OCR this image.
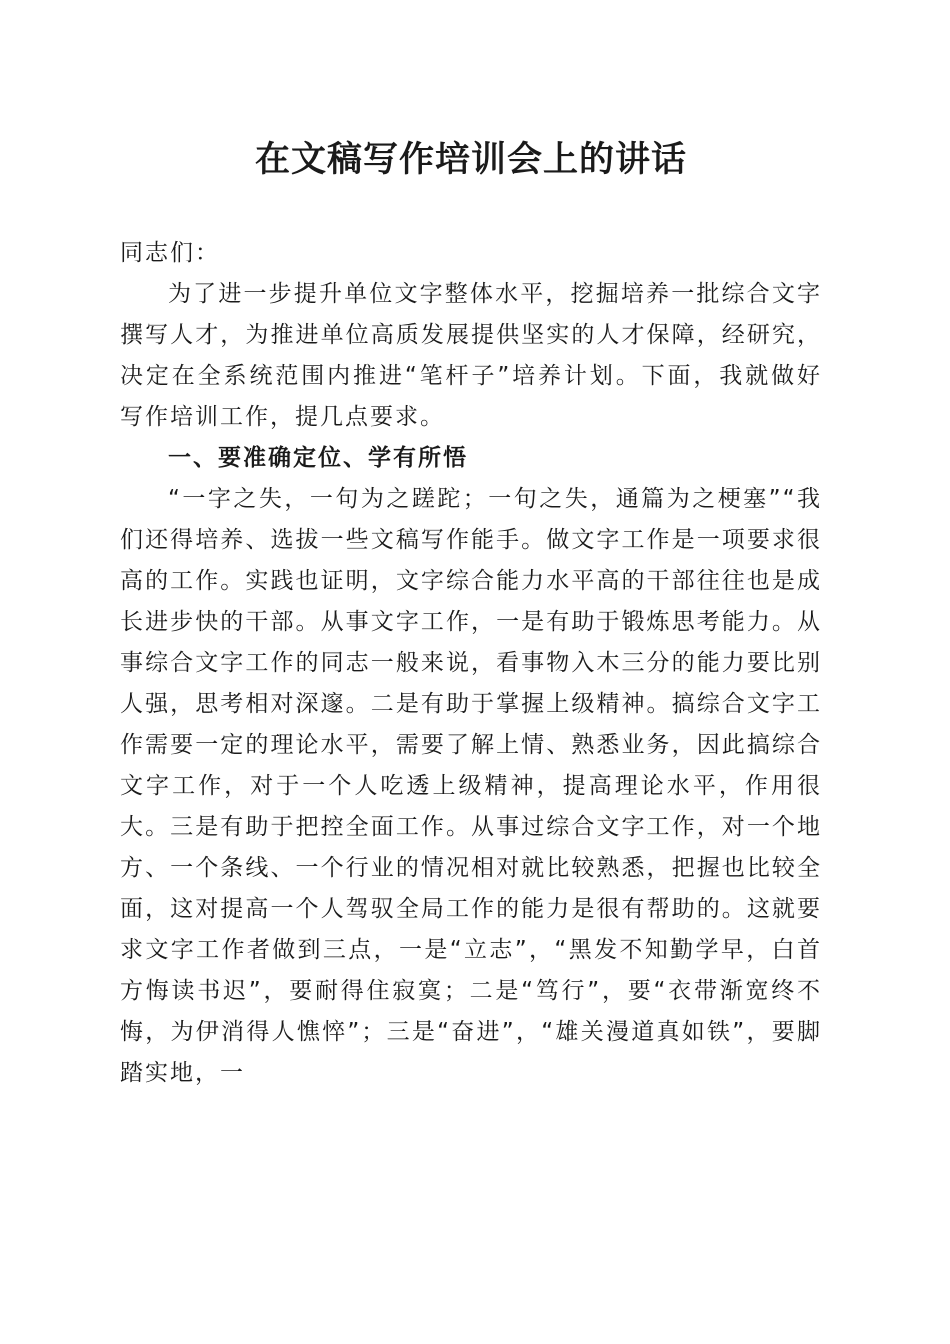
在文稿写作培训会上的讲话

同志们：

为了进一步提升单位文字整体水平，挖掘培养一批综合文字撰写人才，为推进单位高质发展提供坚实的人才保障，经研究，决定在全系统范围内推进“笔杆子”培养计划。下面，我就做好写作培训工作，提几点要求。

一、要准确定位、学有所悟

“一字之失，一句为之蹉跎；一句之失，通篇为之梗塞”“我们还得培养、选拔一些文稿写作能手。做文字工作是一项要求很高的工作。实践也证明，文字综合能力水平高的干部往往也是成长进步快的干部。从事文字工作，一是有助于锻炼思考能力。从事综合文字工作的同志一般来说，看事物入木三分的能力要比别人强，思考相对深邃。二是有助于掌握上级精神。搞综合文字工作需要一定的理论水平，需要了解上情、熟悉业务，因此搞综合文字工作，对于一个人吃透上级精神，提高理论水平，作用很大。三是有助于把控全面工作。从事过综合文字工作，对一个地方、一个条线、一个行业的情况相对就比较熟悉，把握也比较全面，这对提高一个人驾驭全局工作的能力是很有帮助的。这就要求文字工作者做到三点，一是“立志”，“黑发不知勤学早，白首方悔读书迟”，要耐得住寂寞；二是“笃行”，要“衣带渐宽终不悔，为伊消得人憔悴”；三是“奋进”，“雄关漫道真如铁”，要脚踏实地，一
